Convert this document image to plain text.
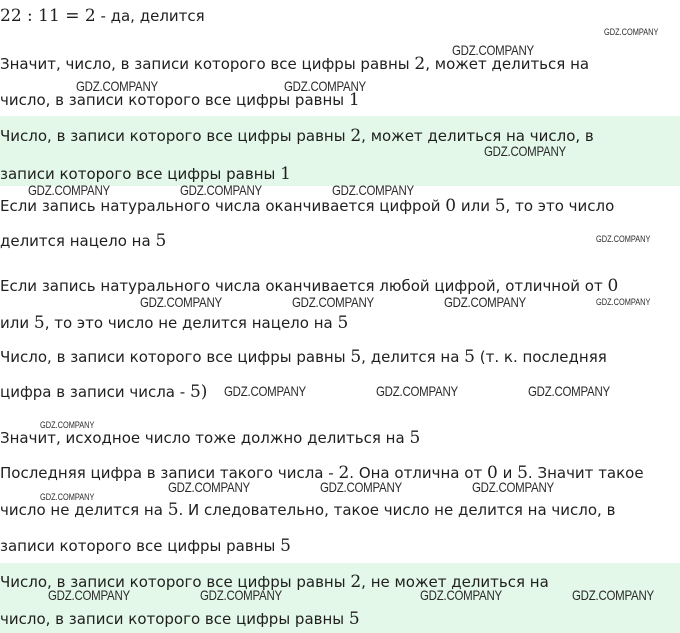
22 : 11 = 2 - да, делится
Значит, число, в записи которого все цифры равны 2, может делиться на
число, в записи которого все цифры равны 1
Число, в записи которого все цифры равны 2, может делиться на число, в
записи которого все цифры равны 1
Если запись натурального числа оканчивается цифрой 0 или 5, то это число
делится нацело на 5
Если запись натурального числа оканчивается любой цифрой, отличной от 0
или 5, то это число не делится нацело на 5
Число, в записи которого все цифры равны 5, делится на 5 (т. к. последняя
цифра в записи числа - 5)
Значит, исходное число тоже должно делиться на 5
Последняя цифра в записи такого числа - 2. Она отлична от 0 и 5. Значит такое
число не делится на 5. И следовательно, такое число не делится на число, в
записи которого все цифры равны 5
Число, в записи которого все цифры равны 2, не может делиться на
число, в записи которого все цифры равны 5
GDZ.COMPANY
GDZ.COMPANY
GDZ.COMPANY	GDZ.COMPANY
GDZ.COMPANY
GDZ.COMPANY	GDZ.COMPANY	GDZ.COMPANY
GDZ.COMPANY
GDZ.COMPANY	GDZ.COMPANY	GDZ.COMPANY	GDZ.COMPANY
GDZ.COMPANY	GDZ.COMPANY	GDZ.COMPANY
GDZ.COMPANY
GDZ.COMPANY	GDZ.COMPANY	GDZ.COMPANY
GDZ.COMPANY
GDZ.COMPANY	GDZ.COMPANY	GDZ.COMPANY	GDZ.COMPANY
